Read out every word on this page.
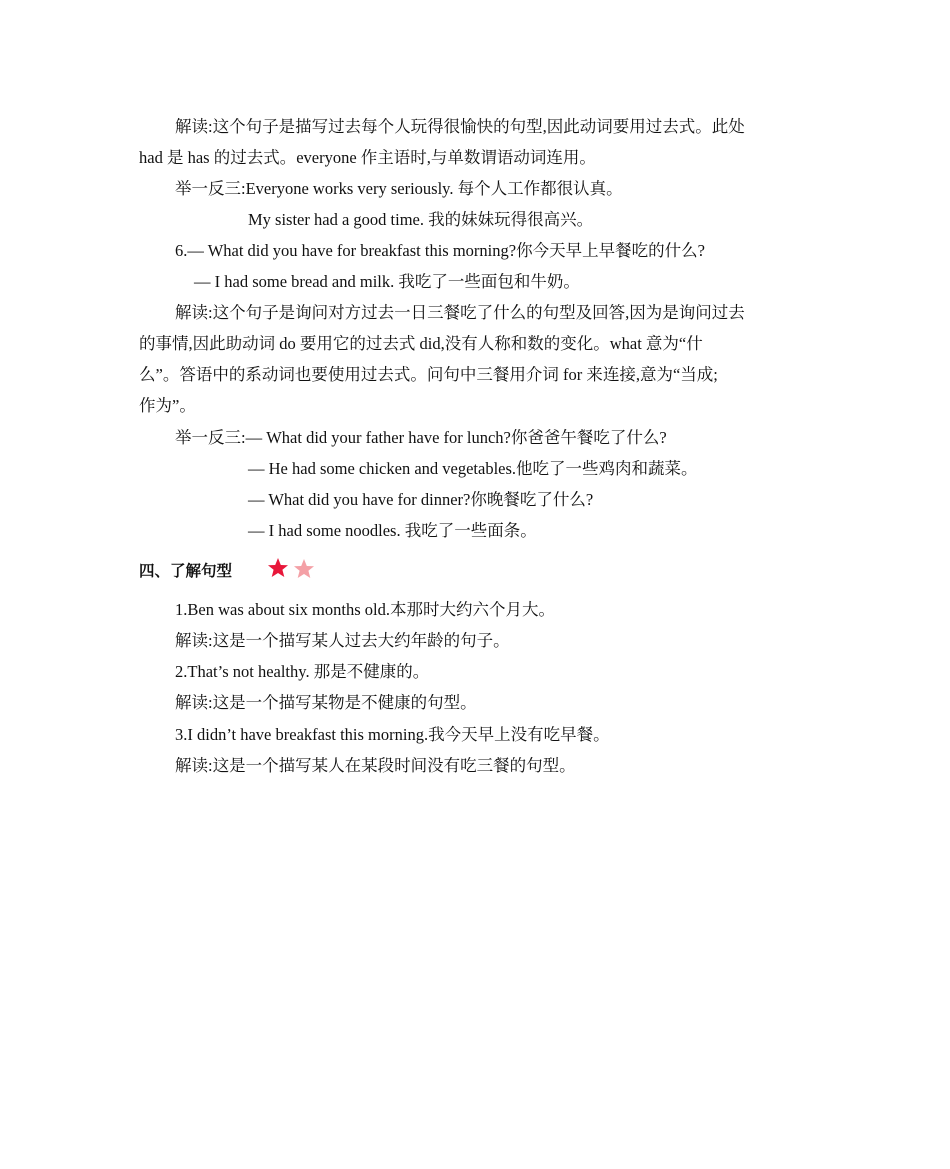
解读:这个句子是描写过去每个人玩得很愉快的句型,因此动词要用过去式。此处
had 是 has 的过去式。everyone 作主语时,与单数谓语动词连用。
举一反三:Everyone works very seriously. 每个人工作都很认真。
My sister had a good time. 我的妹妹玩得很高兴。
6.— What did you have for breakfast this morning?你今天早上早餐吃的什么?
— I had some bread and milk. 我吃了一些面包和牛奶。
解读:这个句子是询问对方过去一日三餐吃了什么的句型及回答,因为是询问过去
的事情,因此助动词 do 要用它的过去式 did,没有人称和数的变化。what 意为“什
么”。答语中的系动词也要使用过去式。问句中三餐用介词 for 来连接,意为“当成;
作为”。
举一反三:— What did your father have for lunch?你爸爸午餐吃了什么?
— He had some chicken and vegetables.他吃了一些鸡肉和蔬菜。
— What did you have for dinner?你晚餐吃了什么?
— I had some noodles. 我吃了一些面条。
四、了解句型
1.Ben was about six months old.本那时大约六个月大。
解读:这是一个描写某人过去大约年龄的句子。
2.That’s not healthy. 那是不健康的。
解读:这是一个描写某物是不健康的句型。
3.I didn’t have breakfast this morning.我今天早上没有吃早餐。
解读:这是一个描写某人在某段时间没有吃三餐的句型。
